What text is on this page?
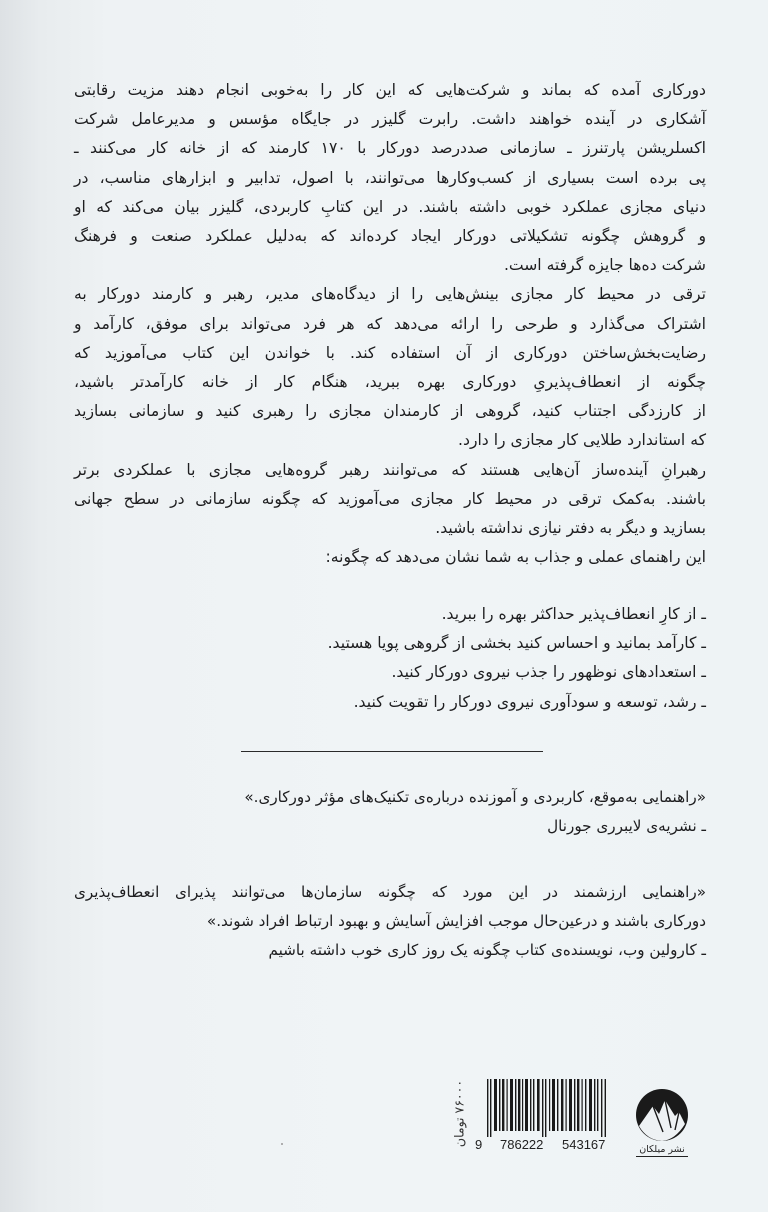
دورکاری آمده که بماند و شرکت‌هایی که این کار را به‌خوبی انجام دهند مزیت رقابتی
آشکاری در آینده خواهند داشت. رابرت گلیزر در جایگاه مؤسس و مدیرعامل شرکت
اکسلریشن پارتنرز ـ سازمانی صددرصد دورکار با ۱۷۰ کارمند که از خانه کار می‌کنند ـ
پی برده است بسیاری از کسب‌وکارها می‌توانند، با اصول، تدابیر و ابزارهای مناسب، در
دنیای مجازی عملکرد خوبی داشته باشند. در این کتابِ کاربردی، گلیزر بیان می‌کند که او
و گروهش چگونه تشکیلاتی دورکار ایجاد کرده‌اند که به‌دلیل عملکرد صنعت و فرهنگ
شرکت ده‌ها جایزه گرفته است.

ترقی در محیط کار مجازی بینش‌هایی را از دیدگاه‌های مدیر، رهبر و کارمند دورکار به
اشتراک می‌گذارد و طرحی را ارائه می‌دهد که هر فرد می‌تواند برای موفق، کارآمد و
رضایت‌بخش‌ساختن دورکاری از آن استفاده کند. با خواندن این کتاب می‌آموزید که
چگونه از انعطاف‌پذیریِ دورکاری بهره ببرید، هنگام کار از خانه کارآمدتر باشید،
از کارزدگی اجتناب کنید، گروهی از کارمندان مجازی را رهبری کنید و سازمانی بسازید
که استاندارد طلایی کار مجازی را دارد.

رهبرانِ آینده‌ساز آن‌هایی هستند که می‌توانند رهبر گروه‌هایی مجازی با عملکردی برتر
باشند. به‌کمک ترقی در محیط کار مجازی می‌آموزید که چگونه سازمانی در سطح جهانی
بسازید و دیگر به دفتر نیازی نداشته باشید.

این راهنمای عملی و جذاب به شما نشان می‌دهد که چگونه:

ـ از کارِ انعطاف‌پذیر حداکثر بهره را ببرید.
ـ کارآمد بمانید و احساس کنید بخشی از گروهی پویا هستید.
ـ استعدادهای نوظهور را جذب نیروی دورکار کنید.
ـ رشد، توسعه و سودآوری نیروی دورکار را تقویت کنید.
«راهنمایی به‌موقع، کاربردی و آموزنده درباره‌ی تکنیک‌های مؤثر دورکاری.»
ـ نشریه‌ی لایبرری جورنال
«راهنمایی ارزشمند در این مورد که چگونه سازمان‌ها می‌توانند پذیرای انعطاف‌پذیری
دورکاری باشند و درعین‌حال موجب افزایش آسایش و بهبود ارتباط افراد شوند.»
ـ کارولین وب، نویسنده‌ی کتاب چگونه یک روز کاری خوب داشته باشیم
۷۶۰۰۰ تومان
9 786222 543167	نشر میلکان
